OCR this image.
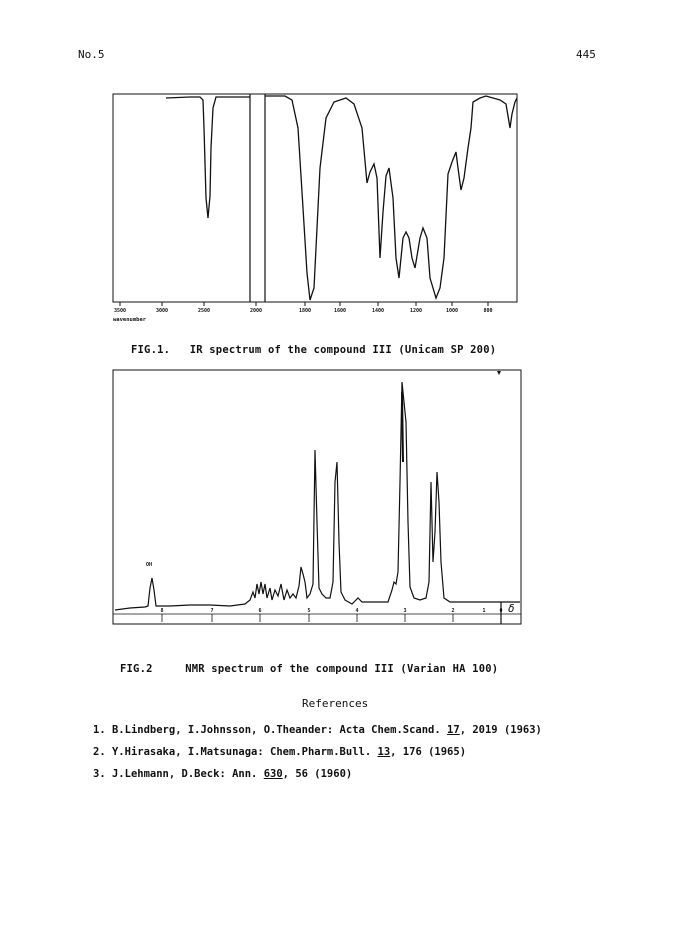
No.5	445
3500	3000	2500	2000	1800	1600	1400	1200	1000	800
wavenumber
FIG.1. IR spectrum of the compound III (Unicam SP 200)
OH
8	7	6	5	4	3	2	1	0 δ
FIG.2	NMR spectrum of the compound III (Varian HA 100)
References
1. B.Lindberg, I.Johnsson, O.Theander: Acta Chem.Scand. 17, 2019 (1963)
2. Y.Hirasaka, I.Matsunaga: Chem.Pharm.Bull. 13, 176 (1965)
3. J.Lehmann, D.Beck: Ann. 630, 56 (1960)
